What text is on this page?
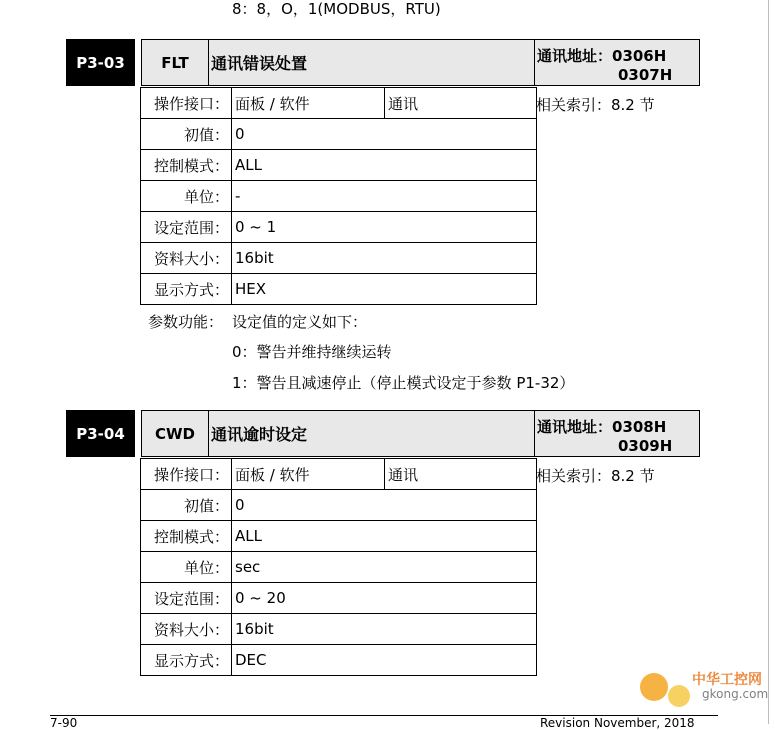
8：8，O，1(MODBUS，RTU)
P3-03	FLT	通讯错误处置	通讯地址：0306H
0307H
操作接口：	面板 / 软件	通讯
初值：	0	
控制模式：	ALL	
单位：	-	
设定范围：	0 ~ 1	
资料大小：	16bit	
显示方式：	HEX	
相关索引：8.2 节
参数功能： 设定值的定义如下：
0：警告并维持继续运转
1：警告且减速停止（停止模式设定于参数 P1-32）
P3-04	CWD	通讯逾时设定	通讯地址：0308H
0309H
操作接口：	面板 / 软件	通讯
初值：	0	
控制模式：	ALL	
单位：	sec	
设定范围：	0 ~ 20	
资料大小：	16bit	
显示方式：	DEC	
相关索引：8.2 节
中华工控网
gkong.com
7-90	Revision November, 2018
